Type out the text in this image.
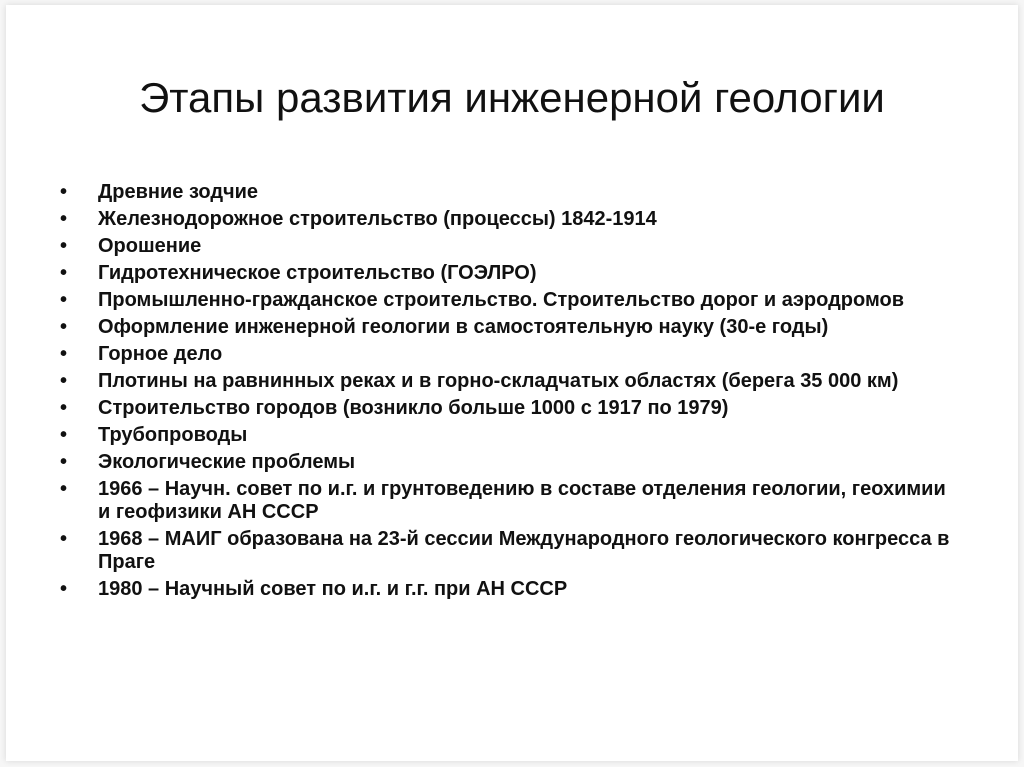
Этапы развития инженерной геологии
•	Древние зодчие
•	Железнодорожное строительство (процессы) 1842-1914
•	Орошение
•	Гидротехническое строительство (ГОЭЛРО)
•	Промышленно-гражданское строительство. Строительство дорог и аэродромов
•	Оформление инженерной геологии в самостоятельную науку (30-е годы)
•	Горное дело
•	Плотины на равнинных реках и в горно-складчатых областях (берега 35 000 км)
•	Строительство городов (возникло больше 1000 с 1917 по 1979)
•	Трубопроводы
•	Экологические проблемы
•	1966 – Научн. совет по и.г. и грунтоведению в составе отделения геологии, геохимии и геофизики АН СССР
•	1968 – МАИГ образована на 23-й сессии Международного геологического конгресса в Праге
•	1980 – Научный совет по и.г. и г.г. при АН СССР
